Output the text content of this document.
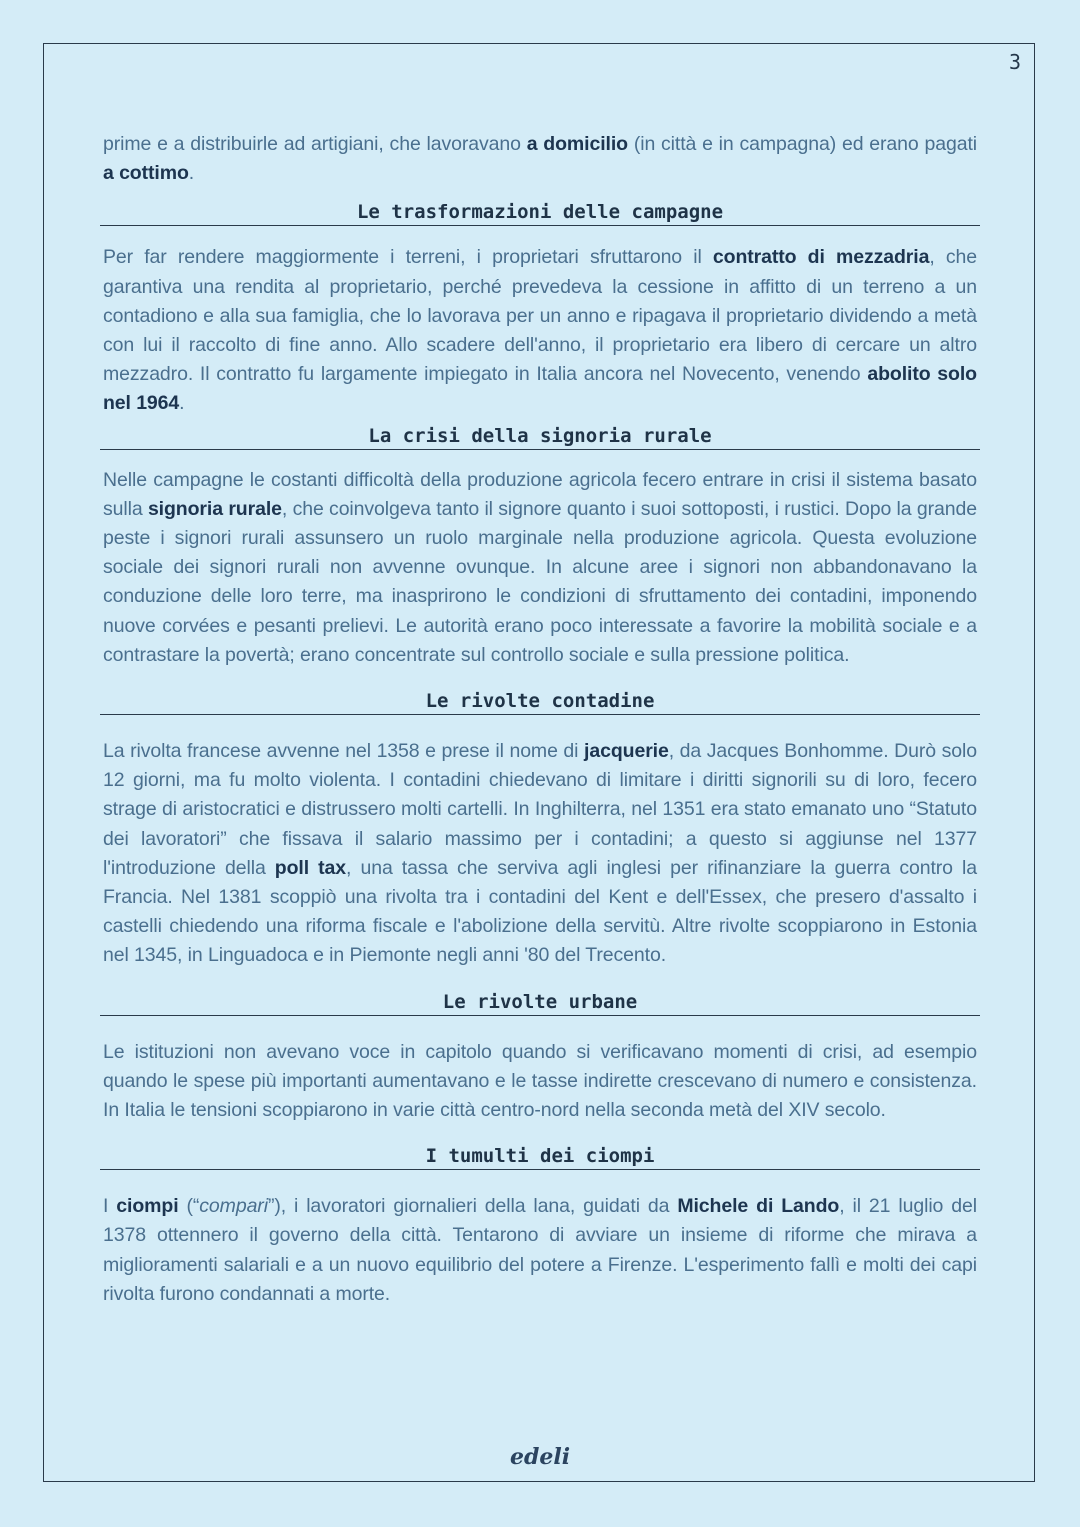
3

prime e a distribuirle ad artigiani, che lavoravano a domicilio (in città e in campagna) ed erano pagati a cottimo.

Le trasformazioni delle campagne

Per far rendere maggiormente i terreni, i proprietari sfruttarono il contratto di mezzadria, che garantiva una rendita al proprietario, perché prevedeva la cessione in affitto di un terreno a un contadiono e alla sua famiglia, che lo lavorava per un anno e ripagava il proprietario dividendo a metà con lui il raccolto di fine anno. Allo scadere dell'anno, il proprietario era libero di cercare un altro mezzadro. Il contratto fu largamente impiegato in Italia ancora nel Novecento, venendo abolito solo nel 1964.

La crisi della signoria rurale

Nelle campagne le costanti difficoltà della produzione agricola fecero entrare in crisi il sistema basato sulla signoria rurale, che coinvolgeva tanto il signore quanto i suoi sottoposti, i rustici. Dopo la grande peste i signori rurali assunsero un ruolo marginale nella produzione agricola. Questa evoluzione sociale dei signori rurali non avvenne ovunque. In alcune aree i signori non abbandonavano la conduzione delle loro terre, ma inasprirono le condizioni di sfruttamento dei contadini, imponendo nuove corvées e pesanti prelievi. Le autorità erano poco interessate a favorire la mobilità sociale e a contrastare la povertà; erano concentrate sul controllo sociale e sulla pressione politica.

Le rivolte contadine

La rivolta francese avvenne nel 1358 e prese il nome di jacquerie, da Jacques Bonhomme. Durò solo 12 giorni, ma fu molto violenta. I contadini chiedevano di limitare i diritti signorili su di loro, fecero strage di aristocratici e distrussero molti cartelli. In Inghilterra, nel 1351 era stato emanato uno “Statuto dei lavoratori” che fissava il salario massimo per i contadini; a questo si aggiunse nel 1377 l'introduzione della poll tax, una tassa che serviva agli inglesi per rifinanziare la guerra contro la Francia. Nel 1381 scoppiò una rivolta tra i contadini del Kent e dell'Essex, che presero d'assalto i castelli chiedendo una riforma fiscale e l'abolizione della servitù. Altre rivolte scoppiarono in Estonia nel 1345, in Linguadoca e in Piemonte negli anni '80 del Trecento.

Le rivolte urbane

Le istituzioni non avevano voce in capitolo quando si verificavano momenti di crisi, ad esempio quando le spese più importanti aumentavano e le tasse indirette crescevano di numero e consistenza. In Italia le tensioni scoppiarono in varie città centro-nord nella seconda metà del XIV secolo.

I tumulti dei ciompi

I ciompi (“compari”), i lavoratori giornalieri della lana, guidati da Michele di Lando, il 21 luglio del 1378 ottennero il governo della città. Tentarono di avviare un insieme di riforme che mirava a miglioramenti salariali e a un nuovo equilibrio del potere a Firenze. L'esperimento fallì e molti dei capi rivolta furono condannati a morte.

edeli
